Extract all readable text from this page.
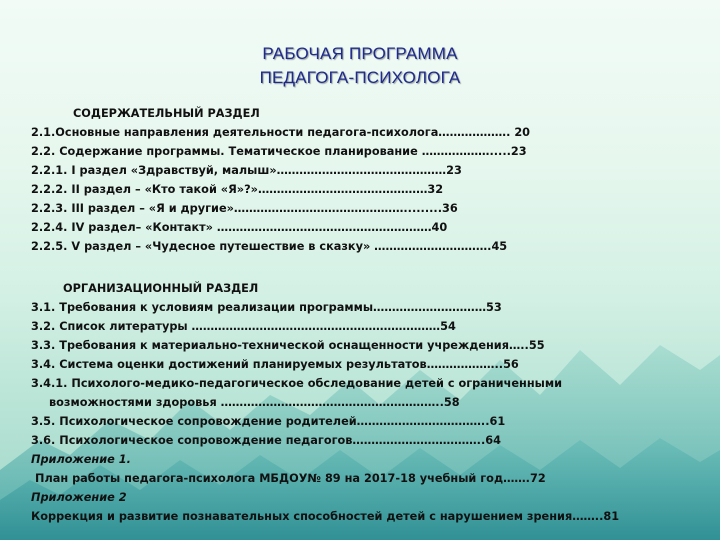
РАБОЧАЯ ПРОГРАММА
ПЕДАГОГА-ПСИХОЛОГА
СОДЕРЖАТЕЛЬНЫЙ РАЗДЕЛ
2.1.Основные направления деятельности педагога-психолога………………. 20
2.2. Содержание программы. Тематическое планирование ……………….....23
2.2.1. I раздел «Здравствуй, малыш»………………………………………23
2.2.2. II раздел – «Кто такой «Я»?»………………………………………32
2.2.3. III раздел – «Я и другие»……………………………………….........36
2.2.4. IV раздел– «Контакт» …………………………………………………40
2.2.5. V раздел – «Чудесное путешествие в сказку» ………………………….45
ОРГАНИЗАЦИОННЫЙ РАЗДЕЛ
3.1. Требования к условиям реализации программы…………………………53
3.2. Список литературы …………………………………………………………54
3.3. Требования к материально-технической оснащенности учреждения…..55
3.4. Система оценки достижений планируемых результатов………………..56
3.4.1. Психолого-медико-педагогическое обследование детей с ограниченными
возможностями здоровья …………………………………………………..58
3.5. Психологическое сопровождение родителей……………………………..61
3.6. Психологическое сопровождение педагогов……………………………..64
Приложение 1.
План работы педагога-психолога МБДОУ№ 89 на 2017-18 учебный год…….72
Приложение 2
Коррекция и развитие познавательных способностей детей с нарушением зрения……..81
